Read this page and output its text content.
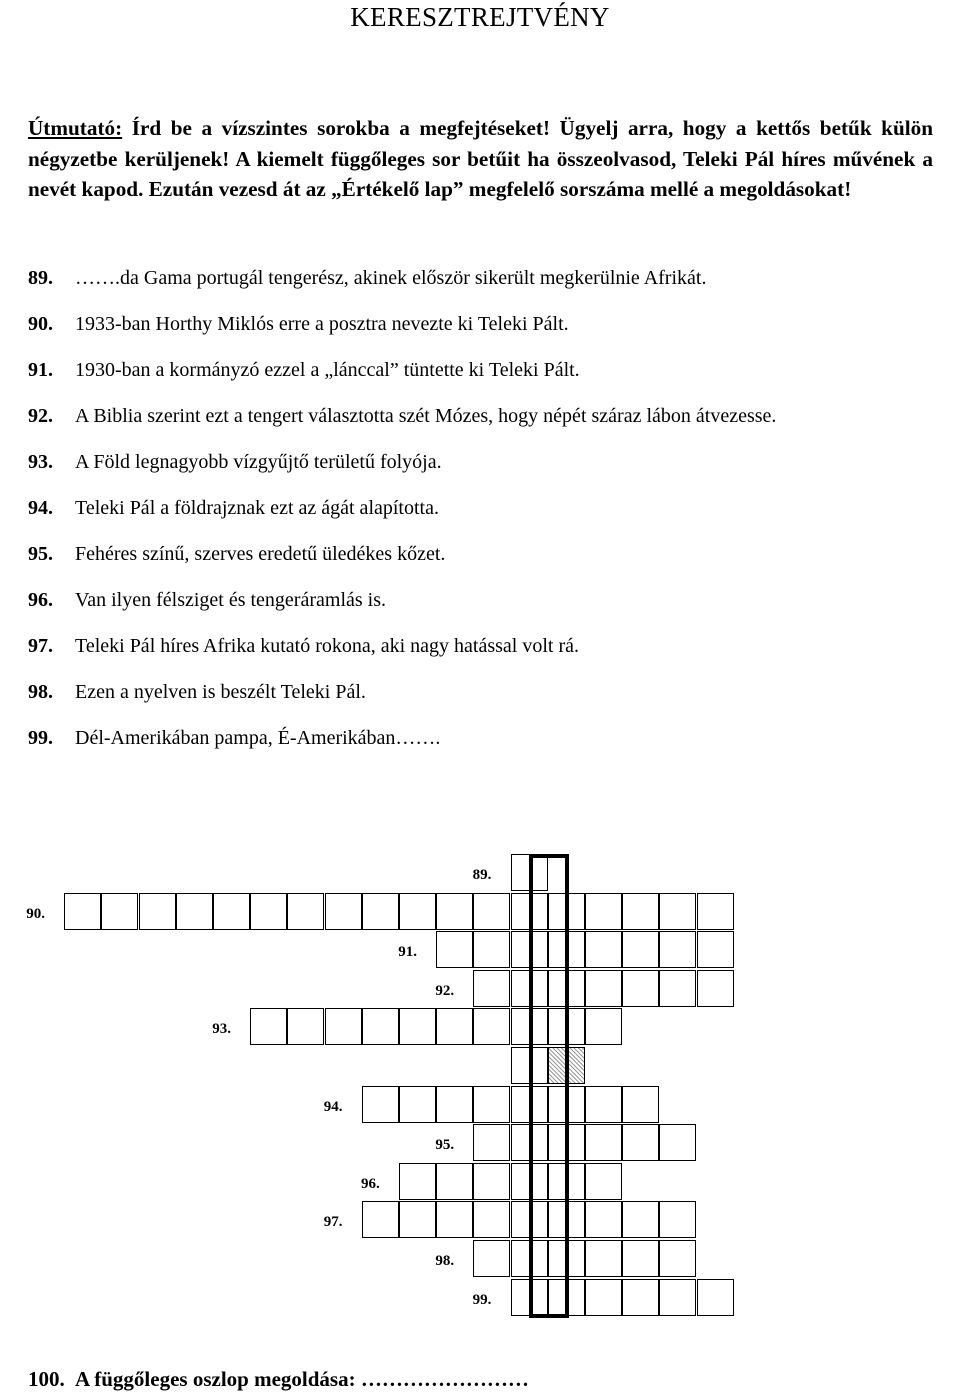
KERESZTREJTVÉNY
Útmutató: Írd be a vízszintes sorokba a megfejtéseket! Ügyelj arra, hogy a kettős betűk külön négyzetbe kerüljenek! A kiemelt függőleges sor betűit ha összeolvasod, Teleki Pál híres művének a nevét kapod. Ezután vezesd át az „Értékelő lap” megfelelő sorszáma mellé a megoldásokat!
89. …….da Gama portugál tengerész, akinek először sikerült megkerülnie Afrikát.
90. 1933-ban Horthy Miklós erre a posztra nevezte ki Teleki Pált.
91. 1930-ban a kormányzó ezzel a „lánccal” tüntette ki Teleki Pált.
92. A Biblia szerint ezt a tengert választotta szét Mózes, hogy népét száraz lábon átvezesse.
93. A Föld legnagyobb vízgyűjtő területű folyója.
94. Teleki Pál a földrajznak ezt az ágát alapította.
95. Fehéres színű, szerves eredetű üledékes kőzet.
96. Van ilyen félsziget és tengeráramlás is.
97. Teleki Pál híres Afrika kutató rokona, aki nagy hatással volt rá.
98. Ezen a nyelven is beszélt Teleki Pál.
99. Dél-Amerikában pampa, É-Amerikában…….
89.
90.
91.
92.
93.
94.
95.
96.
97.
98.
99.
100. A függőleges oszlop megoldása: ……………………
